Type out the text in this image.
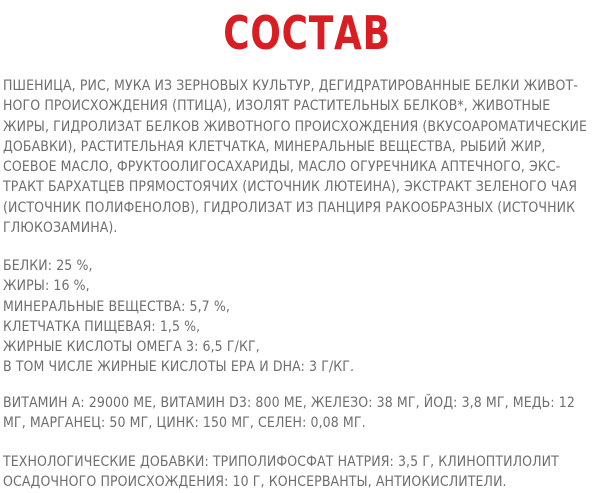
СОСТАВ
ПШЕНИЦА, РИС, МУКА ИЗ ЗЕРНОВЫХ КУЛЬТУР, ДЕГИДРАТИРОВАННЫЕ БЕЛКИ ЖИВОТ-
НОГО ПРОИСХОЖДЕНИЯ (ПТИЦА), ИЗОЛЯТ РАСТИТЕЛЬНЫХ БЕЛКОВ*, ЖИВОТНЫЕ
ЖИРЫ, ГИДРОЛИЗАТ БЕЛКОВ ЖИВОТНОГО ПРОИСХОЖДЕНИЯ (ВКУСОАРОМАТИЧЕСКИЕ
ДОБАВКИ), РАСТИТЕЛЬНАЯ КЛЕТЧАТКА, МИНЕРАЛЬНЫЕ ВЕЩЕСТВА, РЫБИЙ ЖИР,
СОЕВОЕ МАСЛО, ФРУКТООЛИГОСАХАРИДЫ, МАСЛО ОГУРЕЧНИКА АПТЕЧНОГО, ЭКС-
ТРАКТ БАРХАТЦЕВ ПРЯМОСТОЯЧИХ (ИСТОЧНИК ЛЮТЕИНА), ЭКСТРАКТ ЗЕЛЕНОГО ЧАЯ
(ИСТОЧНИК ПОЛИФЕНОЛОВ), ГИДРОЛИЗАТ ИЗ ПАНЦИРЯ РАКООБРАЗНЫХ (ИСТОЧНИК
ГЛЮКОЗАМИНА).
БЕЛКИ: 25 %,
ЖИРЫ: 16 %,
МИНЕРАЛЬНЫЕ ВЕЩЕСТВА: 5,7 %,
КЛЕТЧАТКА ПИЩЕВАЯ: 1,5 %,
ЖИРНЫЕ КИСЛОТЫ ОМЕГА 3: 6,5 Г/КГ,
В ТОМ ЧИСЛЕ ЖИРНЫЕ КИСЛОТЫ ЕРА И DHA: 3 Г/КГ.
ВИТАМИН А: 29000 МЕ, ВИТАМИН D3: 800 МЕ, ЖЕЛЕЗО: 38 МГ, ЙОД: 3,8 МГ, МЕДЬ: 12
МГ, МАРГАНЕЦ: 50 МГ, ЦИНК: 150 МГ, СЕЛЕН: 0,08 МГ.
ТЕХНОЛОГИЧЕСКИЕ ДОБАВКИ: ТРИПОЛИФОСФАТ НАТРИЯ: 3,5 Г, КЛИНОПТИЛОЛИТ
ОСАДОЧНОГО ПРОИСХОЖДЕНИЯ: 10 Г, КОНСЕРВАНТЫ, АНТИОКИСЛИТЕЛИ.
